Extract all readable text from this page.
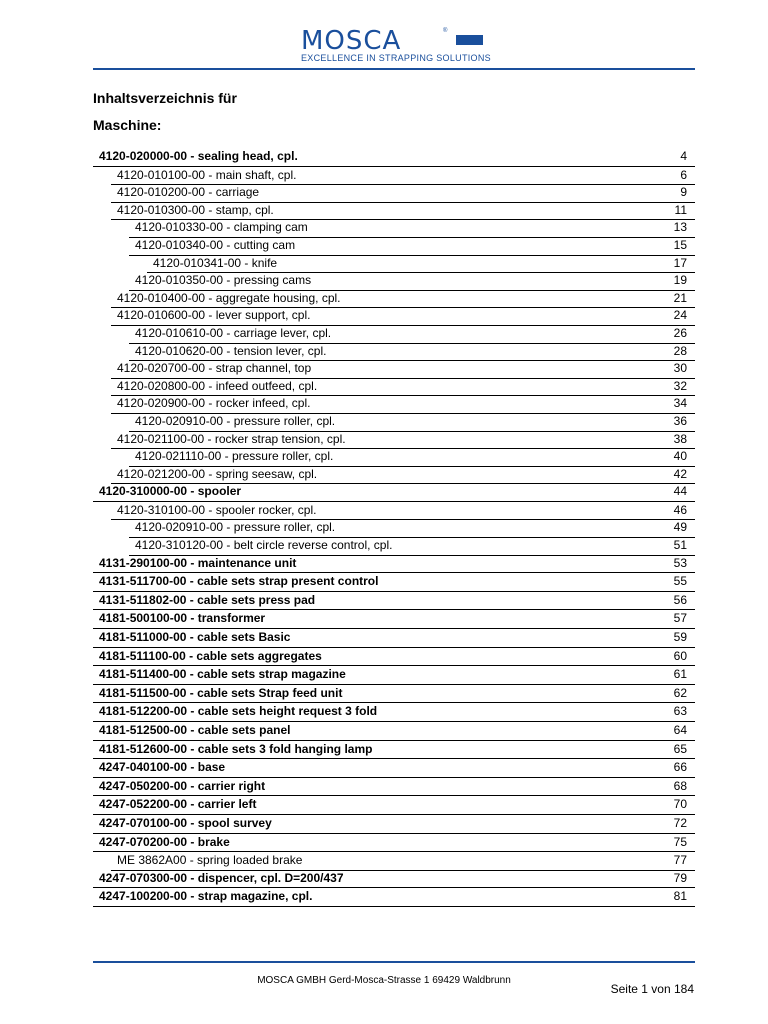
MOSCA	®
EXCELLENCE IN STRAPPING SOLUTIONS
Inhaltsverzeichnis für
Maschine:
4120-020000-00 - sealing head, cpl.	4
4120-010100-00 - main shaft, cpl.	6
4120-010200-00 - carriage	9
4120-010300-00 - stamp, cpl.	11
4120-010330-00 - clamping cam	13
4120-010340-00 - cutting cam	15
4120-010341-00 - knife	17
4120-010350-00 - pressing cams	19
4120-010400-00 - aggregate housing, cpl.	21
4120-010600-00 - lever support, cpl.	24
4120-010610-00 - carriage lever, cpl.	26
4120-010620-00 - tension lever, cpl.	28
4120-020700-00 - strap channel, top	30
4120-020800-00 - infeed outfeed, cpl.	32
4120-020900-00 - rocker infeed, cpl.	34
4120-020910-00 - pressure roller, cpl.	36
4120-021100-00 - rocker strap tension, cpl.	38
4120-021110-00 - pressure roller, cpl.	40
4120-021200-00 - spring seesaw, cpl.	42
4120-310000-00 - spooler	44
4120-310100-00 - spooler rocker, cpl.	46
4120-020910-00 - pressure roller, cpl.	49
4120-310120-00 - belt circle reverse control, cpl.	51
4131-290100-00 - maintenance unit	53
4131-511700-00 - cable sets strap present control	55
4131-511802-00 - cable sets press pad	56
4181-500100-00 - transformer	57
4181-511000-00 - cable sets Basic	59
4181-511100-00 - cable sets aggregates	60
4181-511400-00 - cable sets strap magazine	61
4181-511500-00 - cable sets Strap feed unit	62
4181-512200-00 - cable sets height request 3 fold	63
4181-512500-00 - cable sets panel	64
4181-512600-00 - cable sets 3 fold hanging lamp	65
4247-040100-00 - base	66
4247-050200-00 - carrier right	68
4247-052200-00 - carrier left	70
4247-070100-00 - spool survey	72
4247-070200-00 - brake	75
ME 3862A00 - spring loaded brake	77
4247-070300-00 - dispencer, cpl. D=200/437	79
4247-100200-00 - strap magazine, cpl.	81
MOSCA GMBH Gerd-Mosca-Strasse 1 69429 Waldbrunn
Seite 1 von 184
